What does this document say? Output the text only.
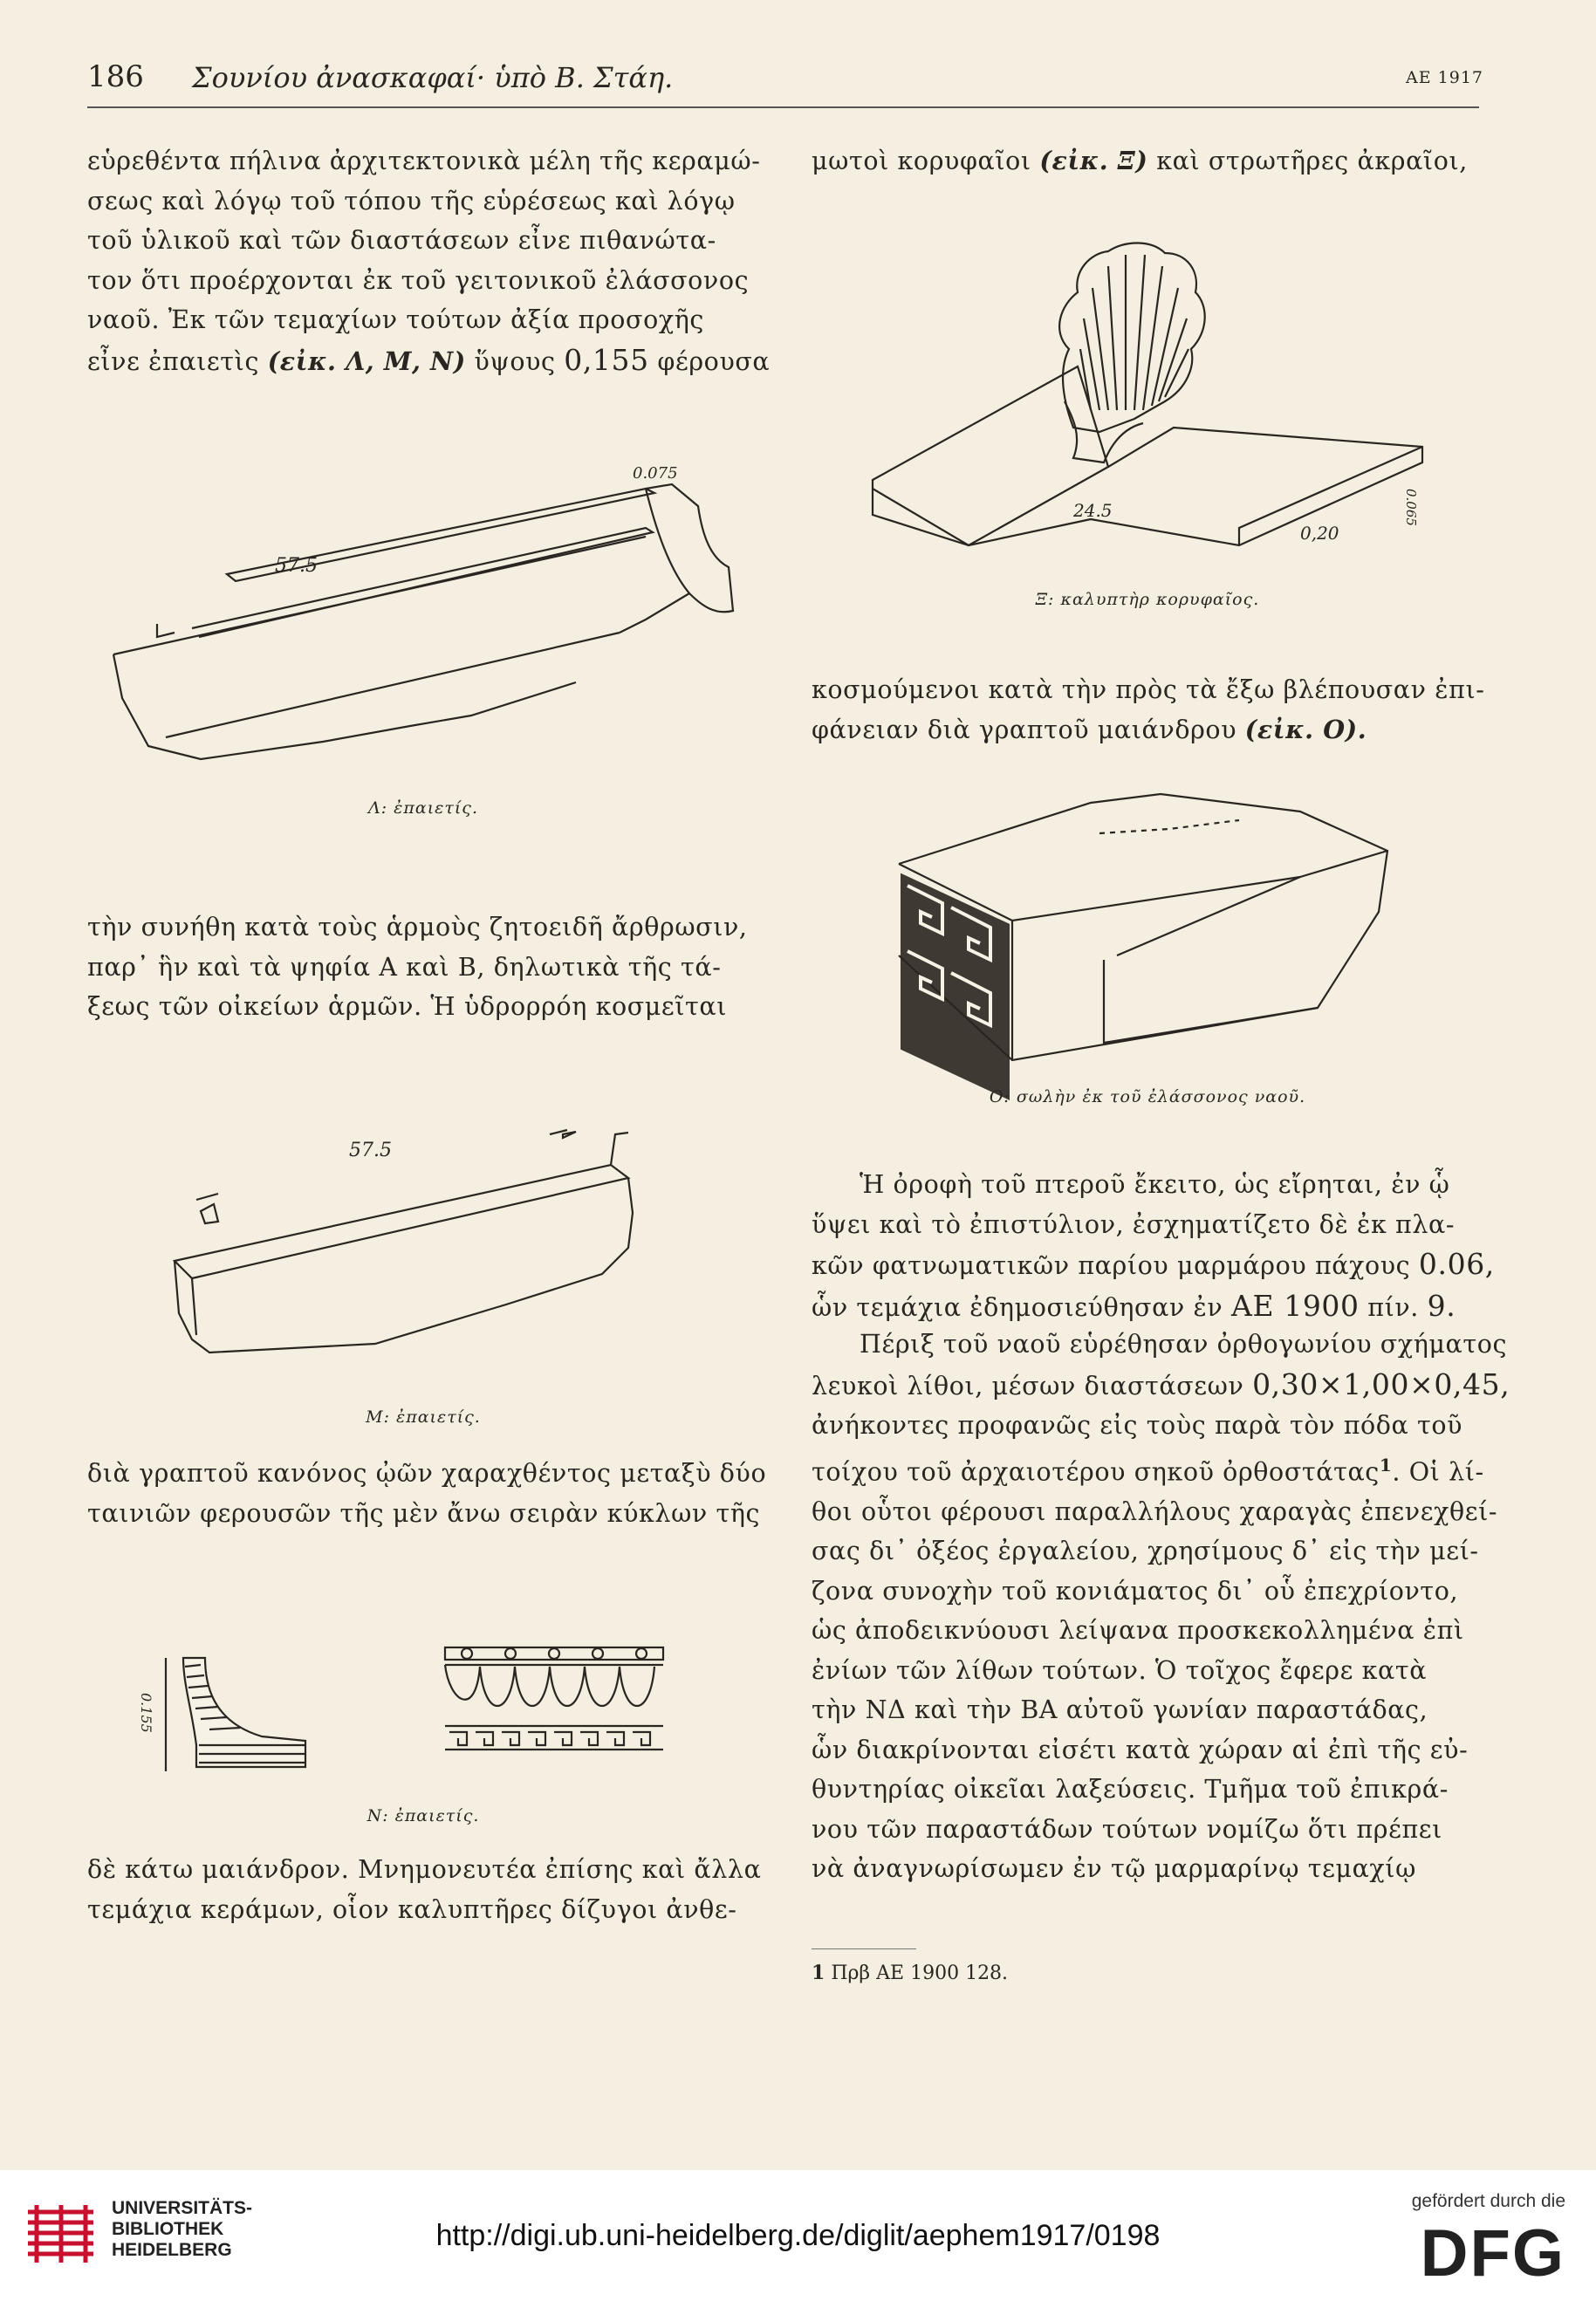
186 Σουνίου ἀνασκαφαί· ὑπὸ Β. Στάη.	ΑΕ 1917

εὑρεθέντα πήλινα ἀρχιτεκτονικὰ μέλη τῆς κεραμώ-

σεως καὶ λόγῳ τοῦ τόπου τῆς εὑρέσεως καὶ λόγῳ

τοῦ ὑλικοῦ καὶ τῶν διαστάσεων εἶνε πιθανώτα-

τον ὅτι προέρχονται ἐκ τοῦ γειτονικοῦ ἐλάσσονος

ναοῦ. Ἐκ τῶν τεμαχίων τούτων ἀξία προσοχῆς

εἶνε ἐπαιετὶς (εἰκ. Λ, Μ, Ν) ὕψους 0,155 φέρουσα

57.5
0.075
Λ: ἐπαιετίς.

τὴν συνήθη κατὰ τοὺς ἁρμοὺς ζητοειδῆ ἄρθρωσιν,

παρ᾽ ἣν καὶ τὰ ψηφία Α καὶ Β, δηλωτικὰ τῆς τά-

ξεως τῶν οἰκείων ἁρμῶν. Ἡ ὑδρορρόη κοσμεῖται

57.5
Μ: ἐπαιετίς.

διὰ γραπτοῦ κανόνος ᾠῶν χαραχθέντος μεταξὺ δύο

ταινιῶν φερουσῶν τῆς μὲν ἄνω σειρὰν κύκλων τῆς

0.155
Ν: ἐπαιετίς.

δὲ κάτω μαιάνδρον. Μνημονευτέα ἐπίσης καὶ ἄλλα

τεμάχια κεράμων, οἷον καλυπτῆρες δίζυγοι ἀνθε-

μωτοὶ κορυφαῖοι (εἰκ. Ξ) καὶ στρωτῆρες ἀκραῖοι,

24.5
0,20
0.065
Ξ: καλυπτὴρ κορυφαῖος.

κοσμούμενοι κατὰ τὴν πρὸς τὰ ἔξω βλέπουσαν ἐπι-

φάνειαν διὰ γραπτοῦ μαιάνδρου (εἰκ. Ο).

Ο: σωλὴν ἐκ τοῦ ἐλάσσονος ναοῦ.

Ἡ ὀροφὴ τοῦ πτεροῦ ἔκειτο, ὡς εἴρηται, ἐν ᾧ

ὕψει καὶ τὸ ἐπιστύλιον, ἐσχηματίζετο δὲ ἐκ πλα-

κῶν φατνωματικῶν παρίου μαρμάρου πάχους 0.06,

ὧν τεμάχια ἐδημοσιεύθησαν ἐν ΑΕ 1900 πίν. 9.

Πέριξ τοῦ ναοῦ εὑρέθησαν ὀρθογωνίου σχήματος

λευκοὶ λίθοι, μέσων διαστάσεων 0,30×1,00×0,45,

ἀνήκοντες προφανῶς εἰς τοὺς παρὰ τὸν πόδα τοῦ

τοίχου τοῦ ἀρχαιοτέρου σηκοῦ ὀρθοστάτας$^1$. Οἱ λί-

θοι οὗτοι φέρουσι παραλλήλους χαραγὰς ἐπενεχθεί-

σας δι᾽ ὀξέος ἐργαλείου, χρησίμους δ᾽ εἰς τὴν μεί-

ζονα συνοχὴν τοῦ κονιάματος δι᾽ οὗ ἐπεχρίοντο,

ὡς ἀποδεικνύουσι λείψανα προσκεκολλημένα ἐπὶ

ἐνίων τῶν λίθων τούτων. Ὁ τοῖχος ἔφερε κατὰ

τὴν ΝΔ καὶ τὴν ΒΑ αὐτοῦ γωνίαν παραστάδας,

ὧν διακρίνονται εἰσέτι κατὰ χώραν αἱ ἐπὶ τῆς εὐ-

θυντηρίας οἰκεῖαι λαξεύσεις. Τμῆμα τοῦ ἐπικρά-

νου τῶν παραστάδων τούτων νομίζω ὅτι πρέπει

νὰ ἀναγνωρίσωμεν ἐν τῷ μαρμαρίνῳ τεμαχίῳ

1 Πρβ ΑΕ 1900 128.

UNIVERSITÄTS-

BIBLIOTHEK

HEIDELBERG	http://digi.ub.uni-heidelberg.de/diglit/aephem1917/0198
gefördert durch die
DFG
